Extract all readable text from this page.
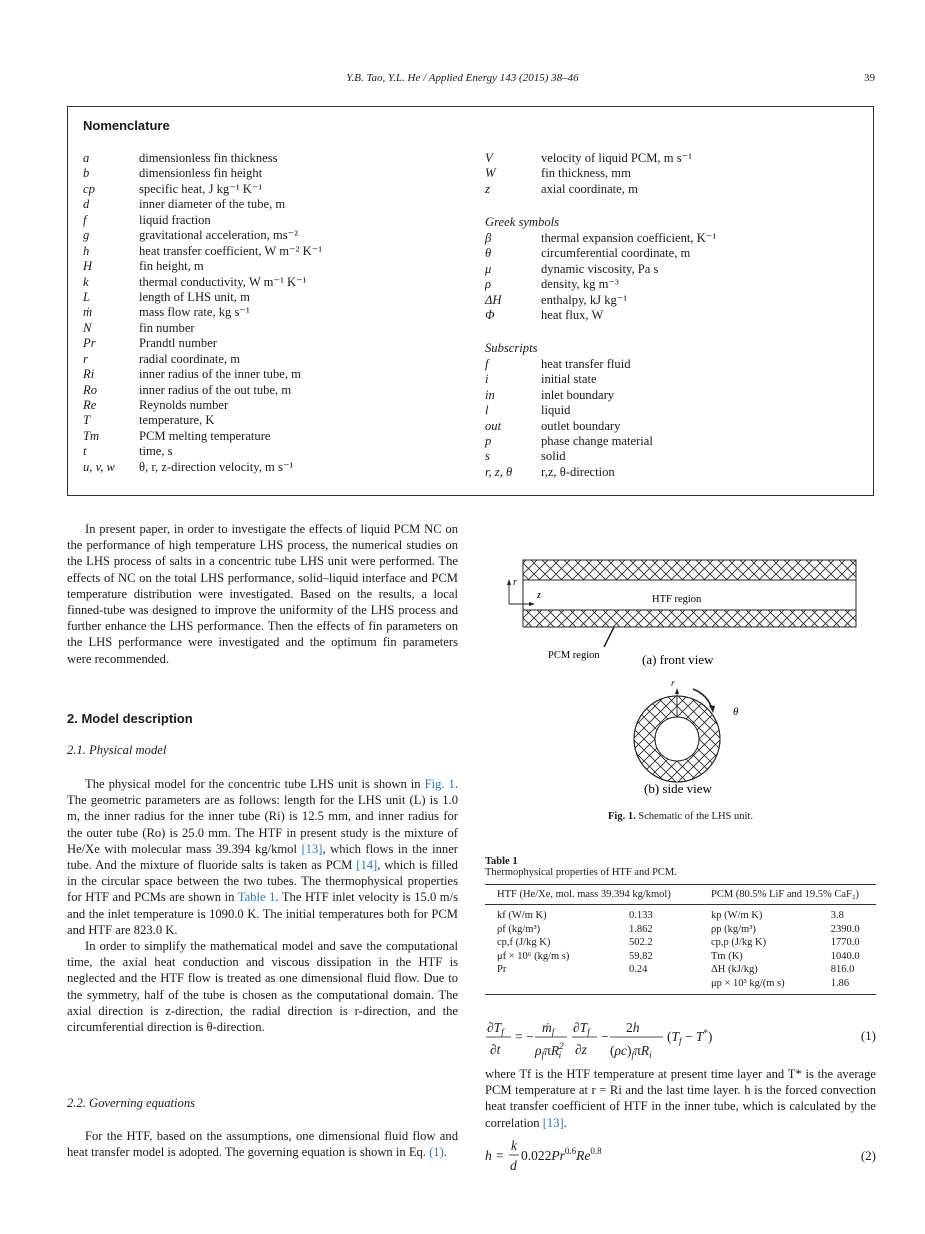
Y.B. Tao, Y.L. He / Applied Energy 143 (2015) 38–46	39
Nomenclature
a	dimensionless fin thickness
b	dimensionless fin height
cp	specific heat, J kg⁻¹ K⁻¹
d	inner diameter of the tube, m
f	liquid fraction
g	gravitational acceleration, ms⁻²
h	heat transfer coefficient, W m⁻² K⁻¹
H	fin height, m
k	thermal conductivity, W m⁻¹ K⁻¹
L	length of LHS unit, m
ṁ	mass flow rate, kg s⁻¹
N	fin number
Pr	Prandtl number
r	radial coordinate, m
Ri	inner radius of the inner tube, m
Ro	inner radius of the out tube, m
Re	Reynolds number
T	temperature, K
Tm	PCM melting temperature
t	time, s
u, v, w	θ, r, z-direction velocity, m s⁻¹
V	velocity of liquid PCM, m s⁻¹
W	fin thickness, mm
z	axial coordinate, m
Greek symbols
β	thermal expansion coefficient, K⁻¹
θ	circumferential coordinate, m
μ	dynamic viscosity, Pa s
ρ	density, kg m⁻³
ΔH	enthalpy, kJ kg⁻¹
Φ	heat flux, W
Subscripts
f	heat transfer fluid
i	initial state
in	inlet boundary
l	liquid
out	outlet boundary
p	phase change material
s	solid
r, z, θ	r,z, θ-direction

In present paper, in order to investigate the effects of liquid PCM NC on the performance of high temperature LHS process, the numerical studies on the LHS process of salts in a concentric tube LHS unit were performed. The effects of NC on the total LHS performance, solid–liquid interface and PCM temperature distribution were investigated. Based on the results, a local finned-tube was designed to improve the uniformity of the LHS process and further enhance the LHS performance. Then the effects of fin parameters on the LHS performance were investigated and the optimum fin parameters were recommended.

2. Model description
2.1. Physical model

The physical model for the concentric tube LHS unit is shown in Fig. 1. The geometric parameters are as follows: length for the LHS unit (L) is 1.0 m, the inner radius for the inner tube (Ri) is 12.5 mm, and inner radius for the outer tube (Ro) is 25.0 mm. The HTF in present study is the mixture of He/Xe with molecular mass 39.394 kg/kmol [13], which flows in the inner tube. And the mixture of fluoride salts is taken as PCM [14], which is filled in the circular space between the two tubes. The thermophysical properties for HTF and PCMs are shown in Table 1. The HTF inlet velocity is 15.0 m/s and the inlet temperature is 1090.0 K. The initial temperatures both for PCM and HTF are 823.0 K.

In order to simplify the mathematical model and save the computational time, the axial heat conduction and viscous dissipation in the HTF is neglected and the HTF flow is treated as one dimensional fluid flow. Due to the symmetry, half of the tube is chosen as the computational domain. The axial direction is z-direction, the radial direction is r-direction, and the circumferential direction is θ-direction.

2.2. Governing equations

For the HTF, based on the assumptions, one dimensional fluid flow and heat transfer model is adopted. The governing equation is shown in Eq. (1).

r
z	HTF region
PCM region	(a) front view
r
θ
(b) side view
Fig. 1. Schematic of the LHS unit.
Table 1
Thermophysical properties of HTF and PCM.
HTF (He/Xe, mol. mass 39.394 kg/kmol)		PCM (80.5% LiF and 19.5% CaF₂)	
kf (W/m K)	0.133	kp (W/m K)	3.8
ρf (kg/m³)	1.862	ρp (kg/m³)	2390.0
cp,f (J/kg K)	502.2	cp,p (J/kg K)	1770.0
μf × 10⁶ (kg/m s)	59.82	Tm (K)	1040.0
Pr	0.24	ΔH (kJ/kg)	816.0
		μp × 10³ kg/(m s)	1.86
$\partial T_f$
∂t
= −
ṁ$_f$
$\rho_f\pi R^2$ i
$\partial T_f$
∂z
−
2h
$(\rho c)_f\pi R_i$
$(T_f - T^*)$	(1)

where Tf is the HTF temperature at present time layer and T* is the average PCM temperature at r = Ri and the last time layer. h is the forced convection heat transfer coefficient of HTF in the inner tube, which is calculated by the correlation [13].

h =
k
d
$0.022Pr^{0.6}Re^{0.8}$	(2)
